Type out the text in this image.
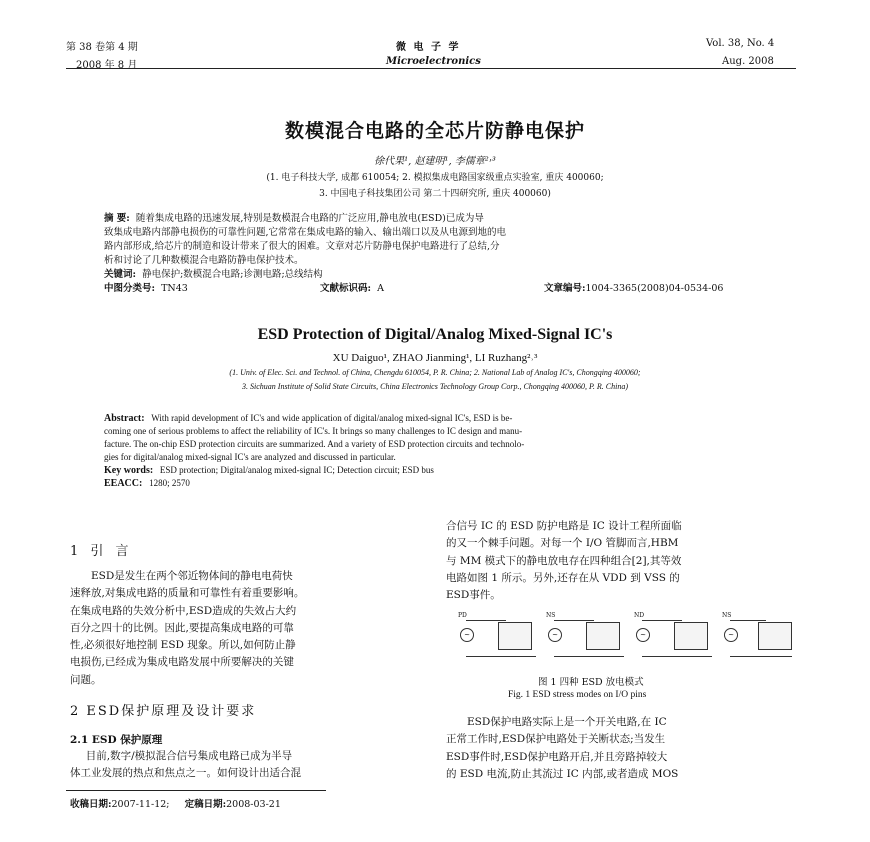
第 38 卷第 4 期
2008 年 8 月
微 电 子 学
Microelectronics
Vol. 38, No. 4
Aug. 2008
数模混合电路的全芯片防静电保护
徐代果¹, 赵建明¹, 李儒章²˒³
(1. 电子科技大学, 成都 610054; 2. 模拟集成电路国家级重点实验室, 重庆 400060;
3. 中国电子科技集团公司 第二十四研究所, 重庆 400060)
摘 要: 随着集成电路的迅速发展,特别是数模混合电路的广泛应用,静电放电(ESD)已成为导
致集成电路内部静电损伤的可靠性问题,它常常在集成电路的输入、输出端口以及从电源到地的电
路内部形成,给芯片的制造和设计带来了很大的困难。文章对芯片防静电保护电路进行了总结,分
析和讨论了几种数模混合电路防静电保护技术。
关键词: 静电保护;数模混合电路;诊测电路;总线结构
中图分类号: TN43	文献标识码: A	文章编号:1004-3365(2008)04-0534-06
ESD Protection of Digital/Analog Mixed-Signal IC's
XU Daiguo¹, ZHAO Jianming¹, LI Ruzhang²˒³
(1. Univ. of Elec. Sci. and Technol. of China, Chengdu 610054, P. R. China; 2. National Lab of Analog IC's, Chongqing 400060;
3. Sichuan Institute of Solid State Circuits, China Electronics Technology Group Corp., Chongqing 400060, P. R. China)
Abstract: With rapid development of IC's and wide application of digital/analog mixed-signal IC's, ESD is be-
coming one of serious problems to affect the reliability of IC's. It brings so many challenges to IC design and manu-
facture. The on-chip ESD protection circuits are summarized. And a variety of ESD protection circuits and technolo-
gies for digital/analog mixed-signal IC's are analyzed and discussed in particular.
Key words: ESD protection; Digital/analog mixed-signal IC; Detection circuit; ESD bus
EEACC: 1280; 2570
1 引 言
ESD是发生在两个邻近物体间的静电电荷快
速释放,对集成电路的质量和可靠性有着重要影响。
在集成电路的失效分析中,ESD造成的失效占大约
百分之四十的比例。因此,要提高集成电路的可靠
性,必须很好地控制 ESD 现象。所以,如何防止静
电损伤,已经成为集成电路发展中所要解决的关键
问题。
2 ESD保护原理及设计要求
2.1 ESD 保护原理
目前,数字/模拟混合信号集成电路已成为半导
体工业发展的热点和焦点之一。如何设计出适合混
收稿日期:2007-11-12; 定稿日期:2008-03-21
合信号 IC 的 ESD 防护电路是 IC 设计工程所面临
的又一个棘手问题。对每一个 I/O 管脚而言,HBM
与 MM 模式下的静电放电存在四种组合[2],其等效
电路如图 1 所示。另外,还存在从 VDD 到 VSS 的
ESD事件。
PD
~
NS
~
ND
~
NS
~
图 1 四种 ESD 放电模式
Fig. 1 ESD stress modes on I/O pins
ESD保护电路实际上是一个开关电路,在 IC
正常工作时,ESD保护电路处于关断状态;当发生
ESD事件时,ESD保护电路开启,并且旁路掉较大
的 ESD 电流,防止其流过 IC 内部,或者造成 MOS
